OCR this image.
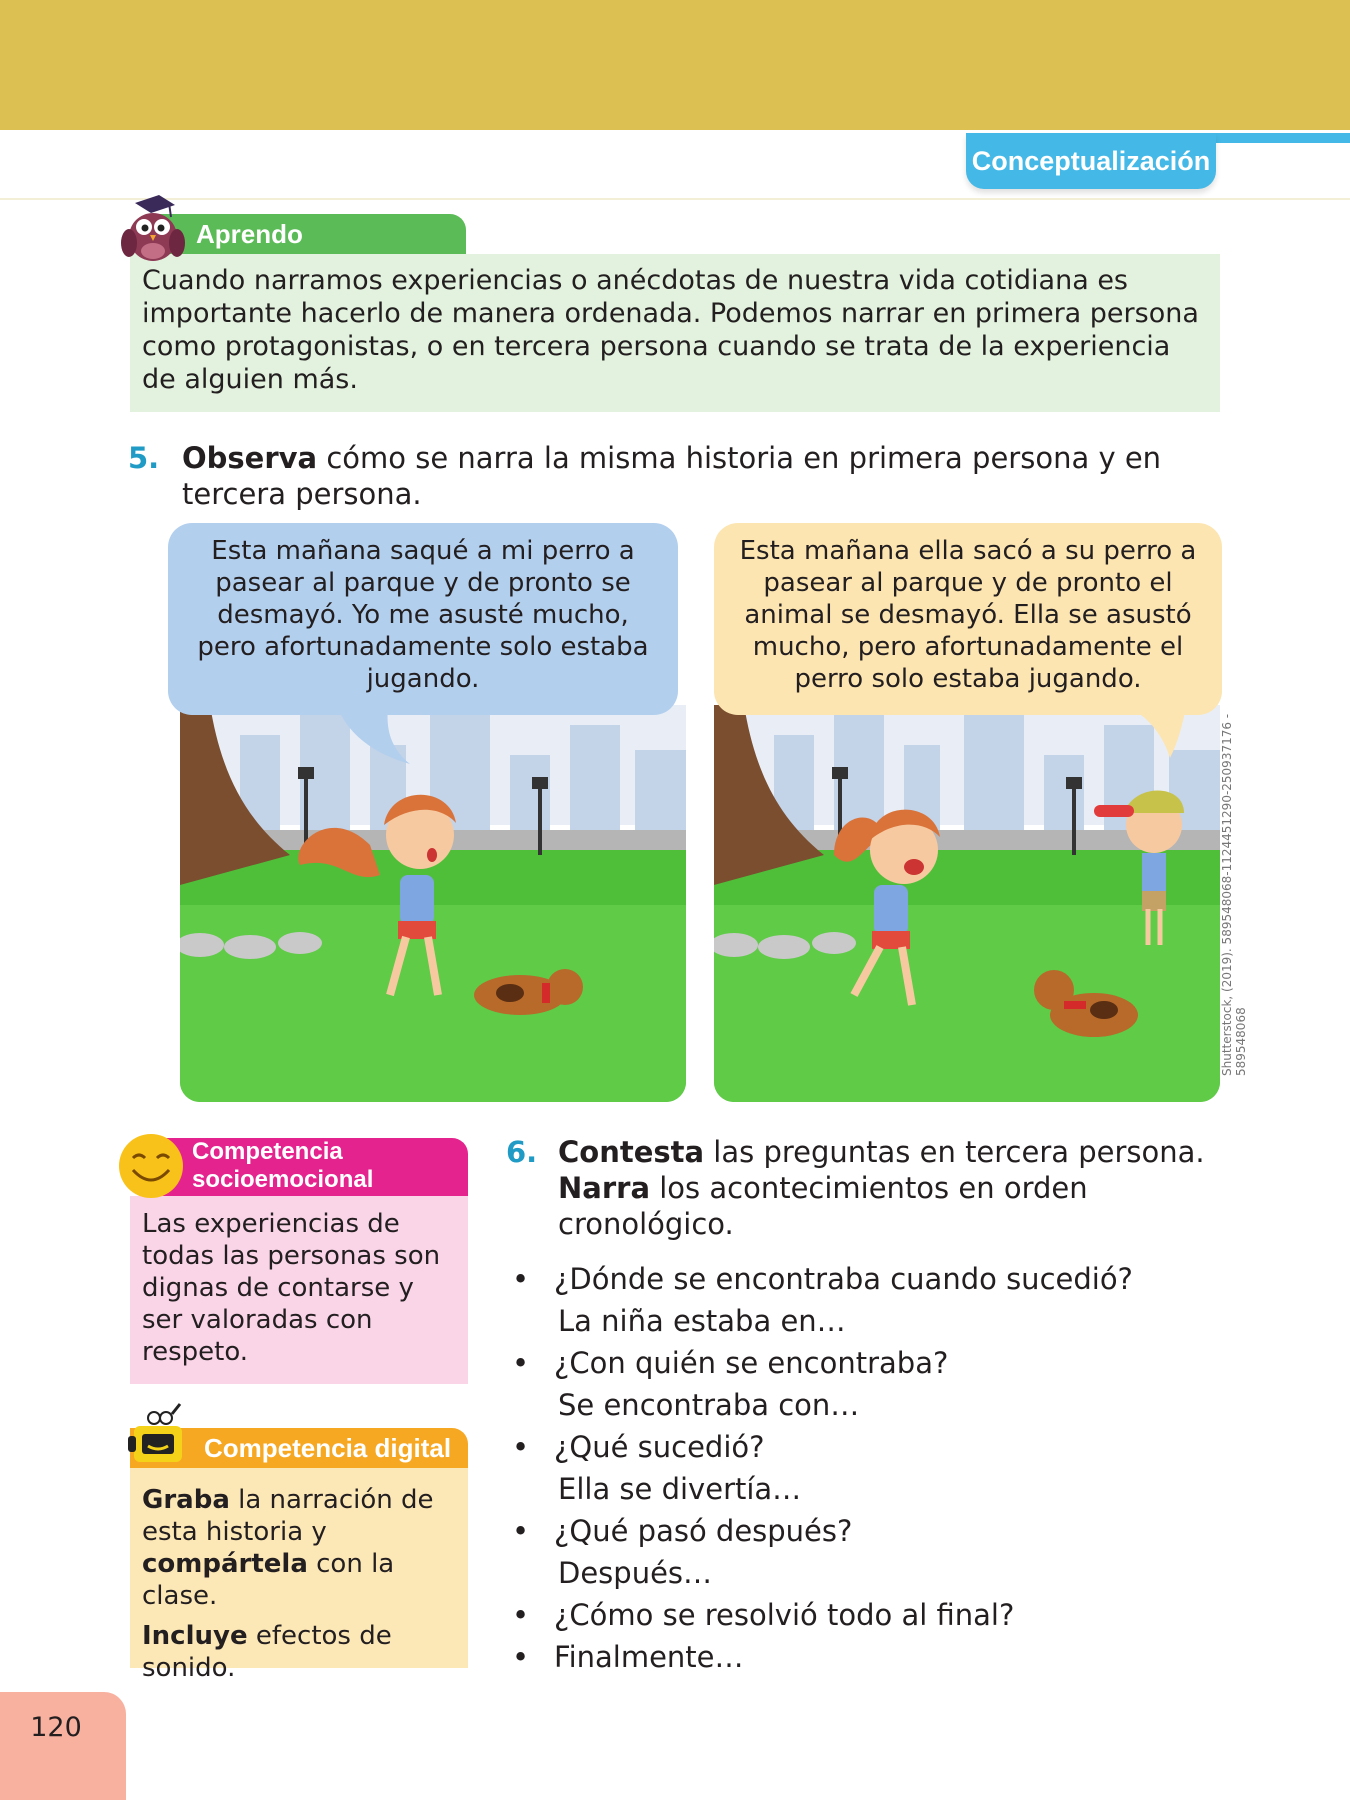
Conceptualización
Aprendo
Cuando narramos experiencias o anécdotas de nuestra vida cotidiana es importante hacerlo de manera ordenada. Podemos narrar en primera persona como protagonistas, o en tercera persona cuando se trata de la experiencia de alguien más.
5. Observa cómo se narra la misma historia en primera persona y en
tercera persona.
Esta mañana saqué a mi perro a pasear al parque y de pronto se desmayó. Yo me asusté mucho, pero afortunadamente solo estaba jugando.
Esta mañana ella sacó a su perro a pasear al parque y de pronto el animal se desmayó. Ella se asustó mucho, pero afortunadamente el perro solo estaba jugando.
Shutterstock, (2019). 589548068-1124451290-250937176 - 589548068
Competencia
socioemocional
Las experiencias de todas las personas son dignas de contarse y ser valoradas con respeto.
Competencia digital

Graba la narración de esta historia y compártela con la clase.

Incluye efectos de sonido.

6. Contesta las preguntas en tercera persona.
Narra los acontecimientos en orden cronológico.
• ¿Dónde se encontraba cuando sucedió?
La niña estaba en…
• ¿Con quién se encontraba?
Se encontraba con…
• ¿Qué sucedió?
Ella se divertía…
• ¿Qué pasó después?
Después…
• ¿Cómo se resolvió todo al final?
• Finalmente…
120
